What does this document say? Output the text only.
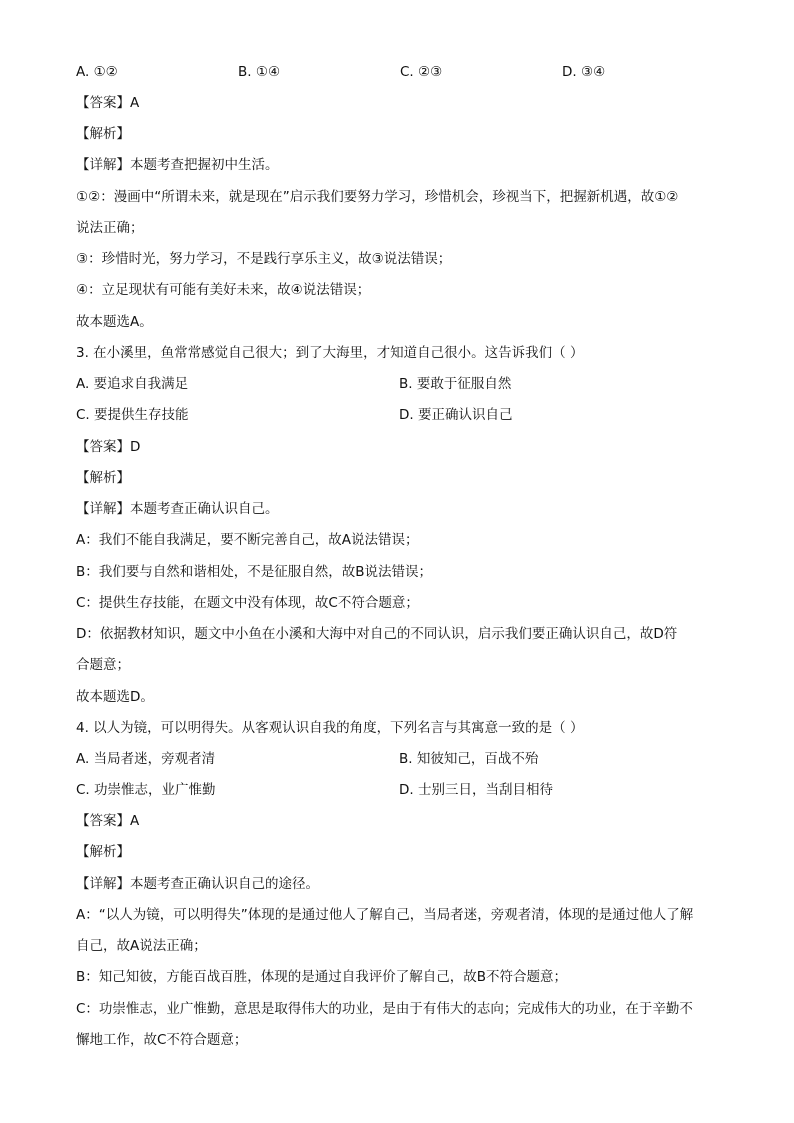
A. ①②	B. ①④	C. ②③	D. ③④
【答案】A
【解析】
【详解】本题考查把握初中生活。
①②：漫画中“所谓未来，就是现在”启示我们要努力学习，珍惜机会，珍视当下，把握新机遇，故①②
说法正确；
③：珍惜时光，努力学习，不是践行享乐主义，故③说法错误；
④：立足现状有可能有美好未来，故④说法错误；
故本题选A。
3. 在小溪里，鱼常常感觉自己很大；到了大海里，才知道自己很小。这告诉我们（ ）
A. 要追求自我满足	B. 要敢于征服自然
C. 要提供生存技能	D. 要正确认识自己
【答案】D
【解析】
【详解】本题考查正确认识自己。
A：我们不能自我满足，要不断完善自己，故A说法错误；
B：我们要与自然和谐相处，不是征服自然，故B说法错误；
C：提供生存技能，在题文中没有体现，故C不符合题意；
D：依据教材知识，题文中小鱼在小溪和大海中对自己的不同认识，启示我们要正确认识自己，故D符
合题意；
故本题选D。
4. 以人为镜，可以明得失。从客观认识自我的角度，下列名言与其寓意一致的是（ ）
A. 当局者迷，旁观者清	B. 知彼知己，百战不殆
C. 功崇惟志，业广惟勤	D. 士别三日，当刮目相待
【答案】A
【解析】
【详解】本题考查正确认识自己的途径。
A：“以人为镜，可以明得失”体现的是通过他人了解自己，当局者迷，旁观者清，体现的是通过他人了解
自己，故A说法正确；
B：知己知彼，方能百战百胜，体现的是通过自我评价了解自己，故B不符合题意；
C：功崇惟志，业广惟勤，意思是取得伟大的功业，是由于有伟大的志向；完成伟大的功业，在于辛勤不
懈地工作，故C不符合题意；
